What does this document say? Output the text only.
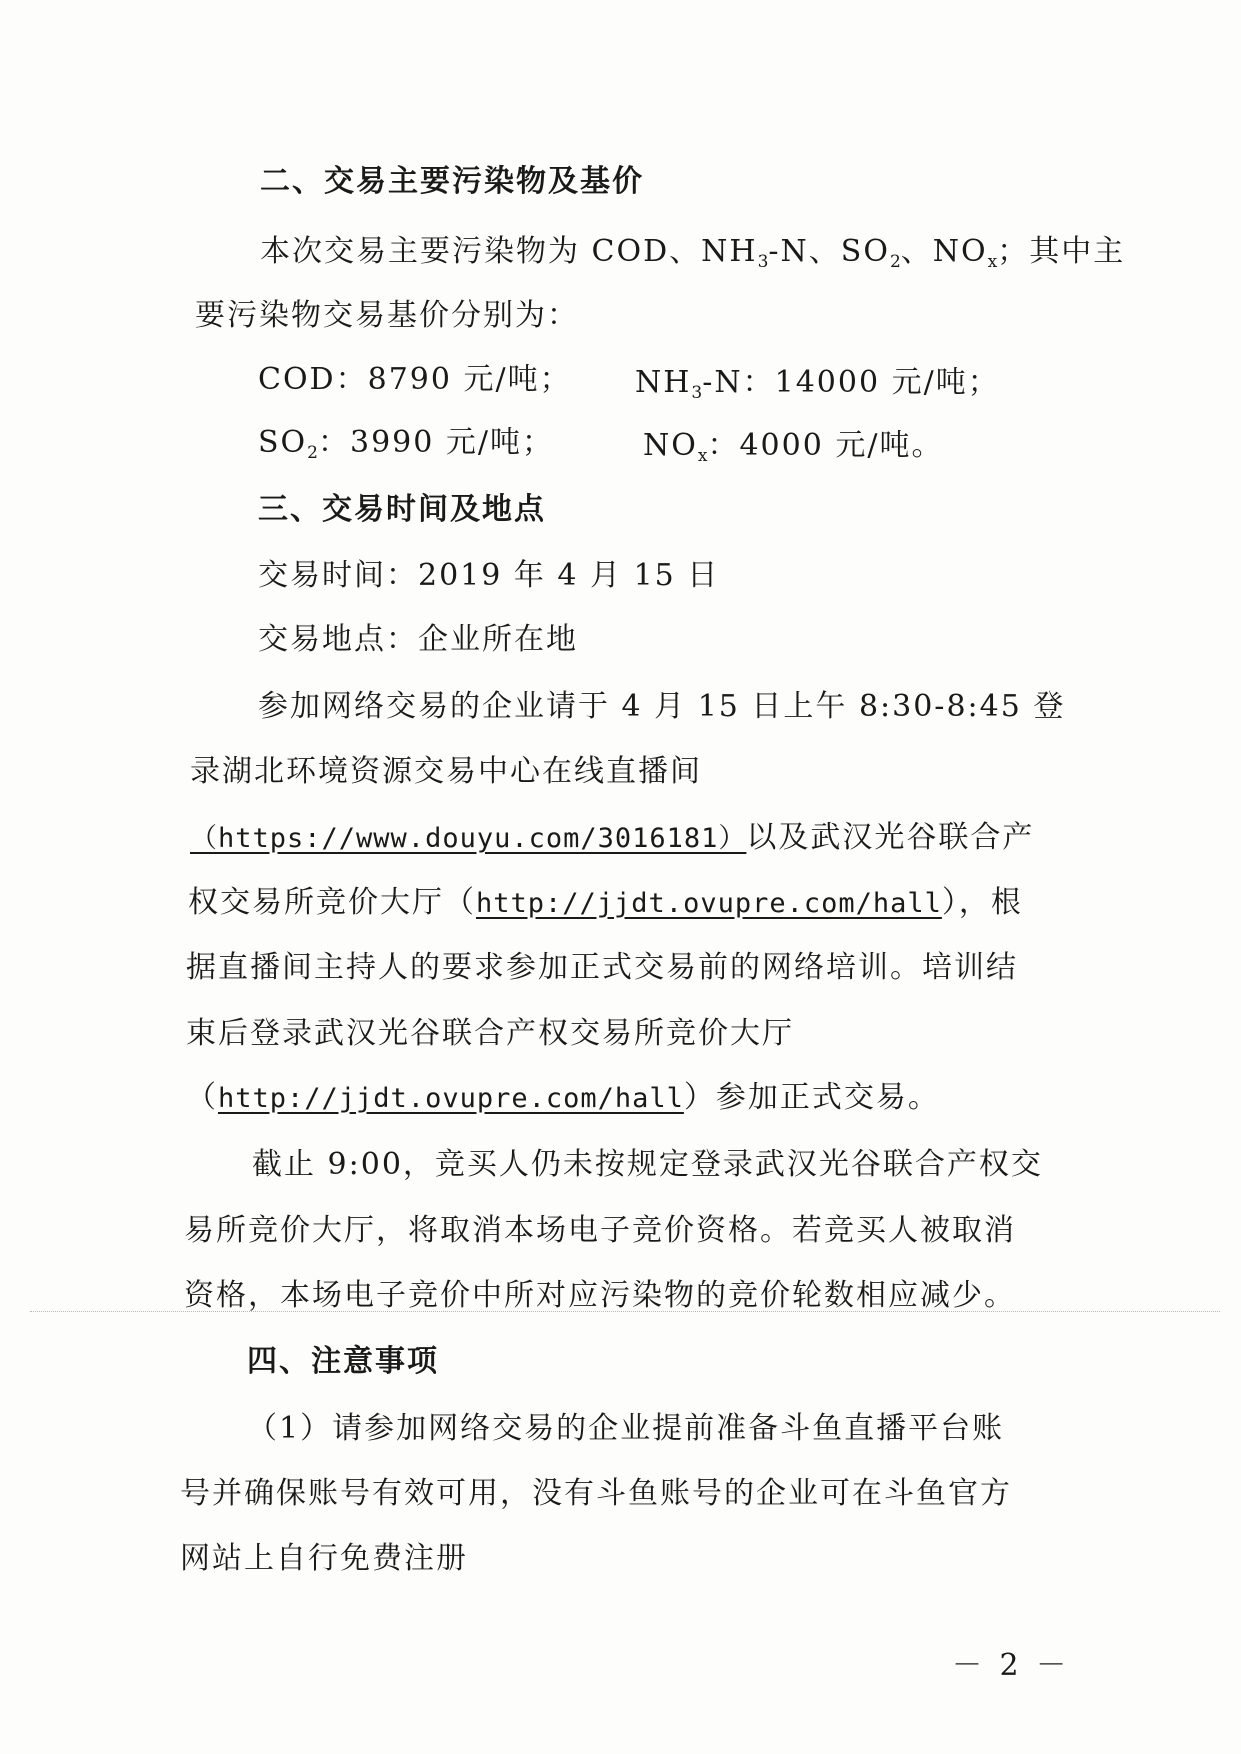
二、交易主要污染物及基价
本次交易主要污染物为 COD、$NH_3-N$、$SO_2$、$NO_x$；其中主
要污染物交易基价分别为：
COD：8790 元/吨； $NH_3-N$：14000 元/吨；
$SO_2$：3990 元/吨；	$NO_x$：4000 元/吨。
三、交易时间及地点
交易时间：2019 年 4 月 15 日
交易地点：企业所在地
参加网络交易的企业请于 4 月 15 日上午 8:30-8:45 登
录湖北环境资源交易中心在线直播间
（https://www.douyu.com/3016181）以及武汉光谷联合产
权交易所竞价大厅（http://jjdt.ovupre.com/hall），根
据直播间主持人的要求参加正式交易前的网络培训。培训结
束后登录武汉光谷联合产权交易所竞价大厅
（http://jjdt.ovupre.com/hall）参加正式交易。
截止 9:00，竞买人仍未按规定登录武汉光谷联合产权交
易所竞价大厅，将取消本场电子竞价资格。若竞买人被取消
资格，本场电子竞价中所对应污染物的竞价轮数相应减少。
四、注意事项
（1）请参加网络交易的企业提前准备斗鱼直播平台账
号并确保账号有效可用，没有斗鱼账号的企业可在斗鱼官方
网站上自行免费注册
－ 2 －
